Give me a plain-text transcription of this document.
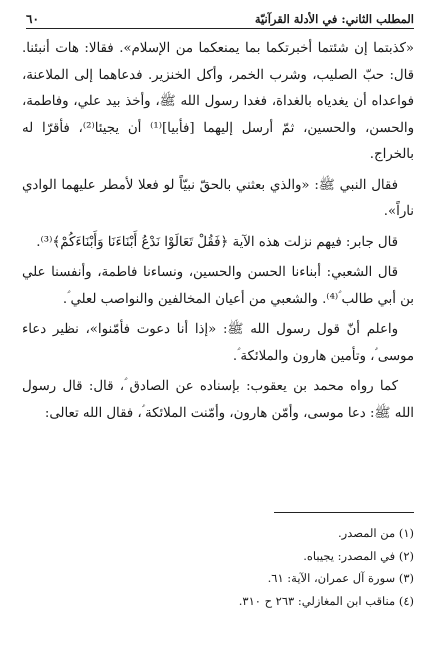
المطلب الثاني: في الأدلة القرآنيّة
٦٠

«كذبتما إن شئتما أخبرتكما بما يمنعكما من الإسلام». فقالا: هات أنبئنا. قال: حبّ الصليب، وشرب الخمر، وأكل الخنزير. فدعاهما إلى الملاعنة، فواعداه أن يغدياه بالغداة، فغدا رسول الله ﷺ، وأخذ بيد علي، وفاطمة، والحسن، والحسين، ثمّ أرسل إليهما [فأبيا]⁽¹⁾ أن يجيئا⁽²⁾، فأقرّا له بالخراج.

فقال النبي ﷺ: «والذي بعثني بالحقّ نبيّاً لو فعلا لأمطر عليهما الوادي ناراً».

قال جابر: فيهم نزلت هذه الآية ﴿فَقُلْ تَعَالَوْا نَدْعُ أَبْنَاءَنَا وَأَبْنَاءَكُمْ﴾⁽³⁾.

قال الشعبي: أبناءنا الحسن والحسين، ونساءنا فاطمة، وأنفسنا علي بن أبي طالب ؑ⁽⁴⁾. والشعبي من أعيان المخالفين والنواصب لعلي ؑ.

واعلم أنّ قول رسول الله ﷺ: «إذا أنا دعوت فأمّنوا»، نظير دعاء موسى ؑ، وتأمين هارون والملائكة ؑ.

كما رواه محمد بن يعقوب: بإسناده عن الصادق ؑ، قال: قال رسول الله ﷺ: دعا موسى، وأمّن هارون، وأمّنت الملائكة ؑ، فقال الله تعالى:

(١) من المصدر.
(٢) في المصدر: يجيباه.
(٣) سورة آل عمران، الآية: ٦١.
(٤) مناقب ابن المغازلي: ٢٦٣ ح ٣١٠.
